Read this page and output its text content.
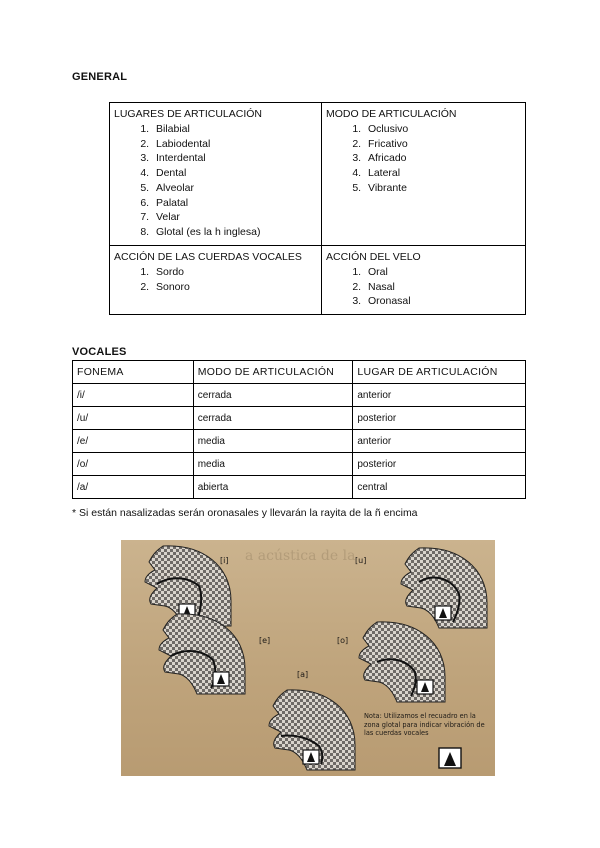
GENERAL
LUGARES DE ARTICULACIÓN
1. Bilabial
2. Labiodental
3. Interdental
4. Dental
5. Alveolar
6. Palatal
7. Velar
8. Glotal (es la h inglesa)
MODO DE ARTICULACIÓN
1. Oclusivo
2. Fricativo
3. Africado
4. Lateral
5. Vibrante
ACCIÓN DE LAS CUERDAS VOCALES
1. Sordo
2. Sonoro
ACCIÓN DEL VELO
1. Oral
2. Nasal
3. Oronasal
VOCALES
FONEMA	MODO DE ARTICULACIÓN	LUGAR DE ARTICULACIÓN
/i/	cerrada	anterior
/u/	cerrada	posterior
/e/	media	anterior
/o/	media	posterior
/a/	abierta	central
* Si están nasalizadas serán oronasales y llevarán la rayita de la ñ encima
a acústica de la
[i]	[u]
[e]	[o]
[a]
Nota: Utilizamos el recuadro en la zona glotal para indicar vibración de las cuerdas vocales
